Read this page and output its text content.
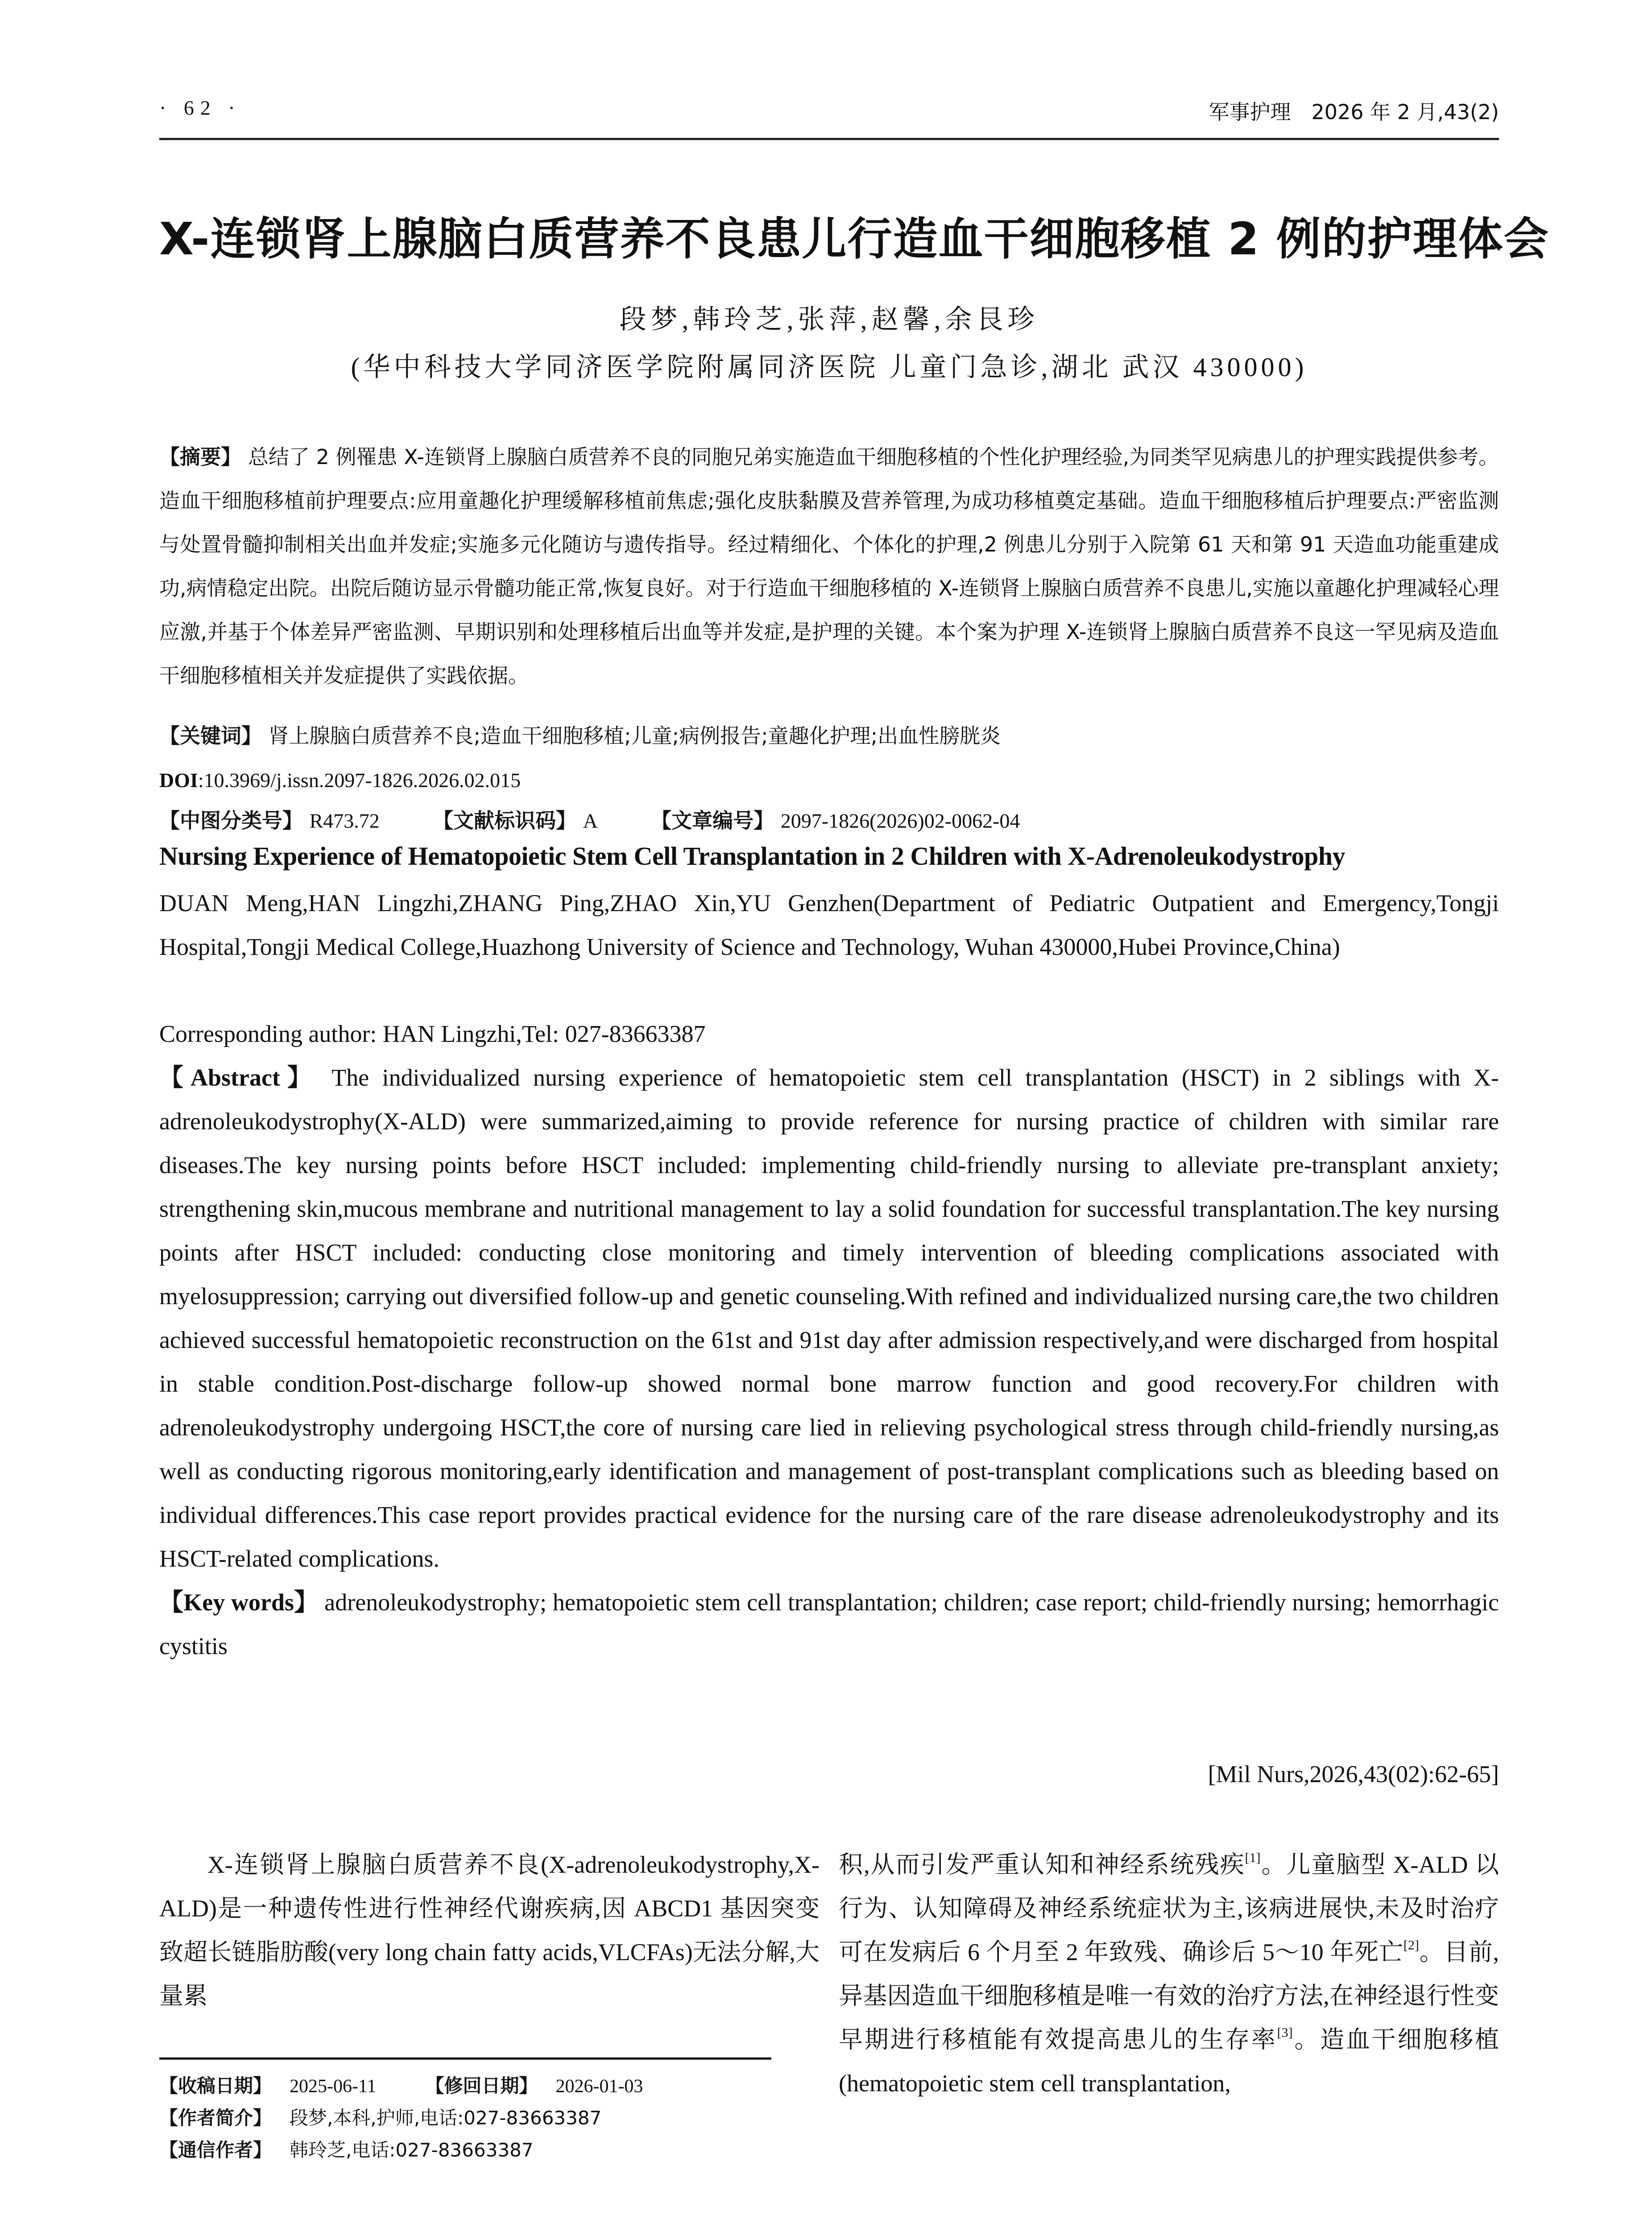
· 62 ·	军事护理　2026 年 2 月,43(2)
X-连锁肾上腺脑白质营养不良患儿行造血干细胞移植 2 例的护理体会
段梦,韩玲芝,张萍,赵馨,余艮珍
(华中科技大学同济医学院附属同济医院 儿童门急诊,湖北 武汉 430000)
【摘要】 总结了 2 例罹患 X-连锁肾上腺脑白质营养不良的同胞兄弟实施造血干细胞移植的个性化护理经验,为同类罕见病患儿的护理实践提供参考。造血干细胞移植前护理要点:应用童趣化护理缓解移植前焦虑;强化皮肤黏膜及营养管理,为成功移植奠定基础。造血干细胞移植后护理要点:严密监测与处置骨髓抑制相关出血并发症;实施多元化随访与遗传指导。经过精细化、个体化的护理,2 例患儿分别于入院第 61 天和第 91 天造血功能重建成功,病情稳定出院。出院后随访显示骨髓功能正常,恢复良好。对于行造血干细胞移植的 X-连锁肾上腺脑白质营养不良患儿,实施以童趣化护理减轻心理应激,并基于个体差异严密监测、早期识别和处理移植后出血等并发症,是护理的关键。本个案为护理 X-连锁肾上腺脑白质营养不良这一罕见病及造血干细胞移植相关并发症提供了实践依据。
【关键词】 肾上腺脑白质营养不良;造血干细胞移植;儿童;病例报告;童趣化护理;出血性膀胱炎
DOI:10.3969/j.issn.2097-1826.2026.02.015
【中图分类号】 R473.72	【文献标识码】 A	【文章编号】 2097-1826(2026)02-0062-04
Nursing Experience of Hematopoietic Stem Cell Transplantation in 2 Children with X-Adrenoleukodystrophy
DUAN Meng,HAN Lingzhi,ZHANG Ping,ZHAO Xin,YU Genzhen(Department of Pediatric Outpatient and Emergency,Tongji Hospital,Tongji Medical College,Huazhong University of Science and Technology, Wuhan 430000,Hubei Province,China)
Corresponding author: HAN Lingzhi,Tel: 027-83663387
【Abstract】 The individualized nursing experience of hematopoietic stem cell transplantation (HSCT) in 2 siblings with X-adrenoleukodystrophy(X-ALD) were summarized,aiming to provide reference for nursing practice of children with similar rare diseases.The key nursing points before HSCT included: implementing child-friendly nursing to alleviate pre-transplant anxiety; strengthening skin,mucous membrane and nutritional management to lay a solid foundation for successful transplantation.The key nursing points after HSCT included: conducting close monitoring and timely intervention of bleeding complications associated with myelosuppression; carrying out diversified follow-up and genetic counseling.With refined and individualized nursing care,the two children achieved successful hematopoietic reconstruction on the 61st and 91st day after admission respectively,and were discharged from hospital in stable condition.Post-discharge follow-up showed normal bone marrow function and good recovery.For children with adrenoleukodystrophy undergoing HSCT,the core of nursing care lied in relieving psychological stress through child-friendly nursing,as well as conducting rigorous monitoring,early identification and management of post-transplant complications such as bleeding based on individual differences.This case report provides practical evidence for the nursing care of the rare disease adrenoleukodystrophy and its HSCT-related complications.
【Key words】 adrenoleukodystrophy; hematopoietic stem cell transplantation; children; case report; child-friendly nursing; hemorrhagic cystitis
[Mil Nurs,2026,43(02):62-65]
X-连锁肾上腺脑白质营养不良(X-adrenoleukodystrophy,X-ALD)是一种遗传性进行性神经代谢疾病,因 ABCD1 基因突变致超长链脂肪酸(very long chain fatty acids,VLCFAs)无法分解,大量累
积,从而引发严重认知和神经系统残疾[1]。儿童脑型 X-ALD 以行为、认知障碍及神经系统症状为主,该病进展快,未及时治疗可在发病后 6 个月至 2 年致残、确诊后 5～10 年死亡[2]。目前,异基因造血干细胞移植是唯一有效的治疗方法,在神经退行性变早期进行移植能有效提高患儿的生存率[3]。造血干细胞移植(hematopoietic stem cell transplantation,
【收稿日期】 2025-06-11	【修回日期】 2026-01-03
【作者简介】 段梦,本科,护师,电话:027-83663387
【通信作者】 韩玲芝,电话:027-83663387
